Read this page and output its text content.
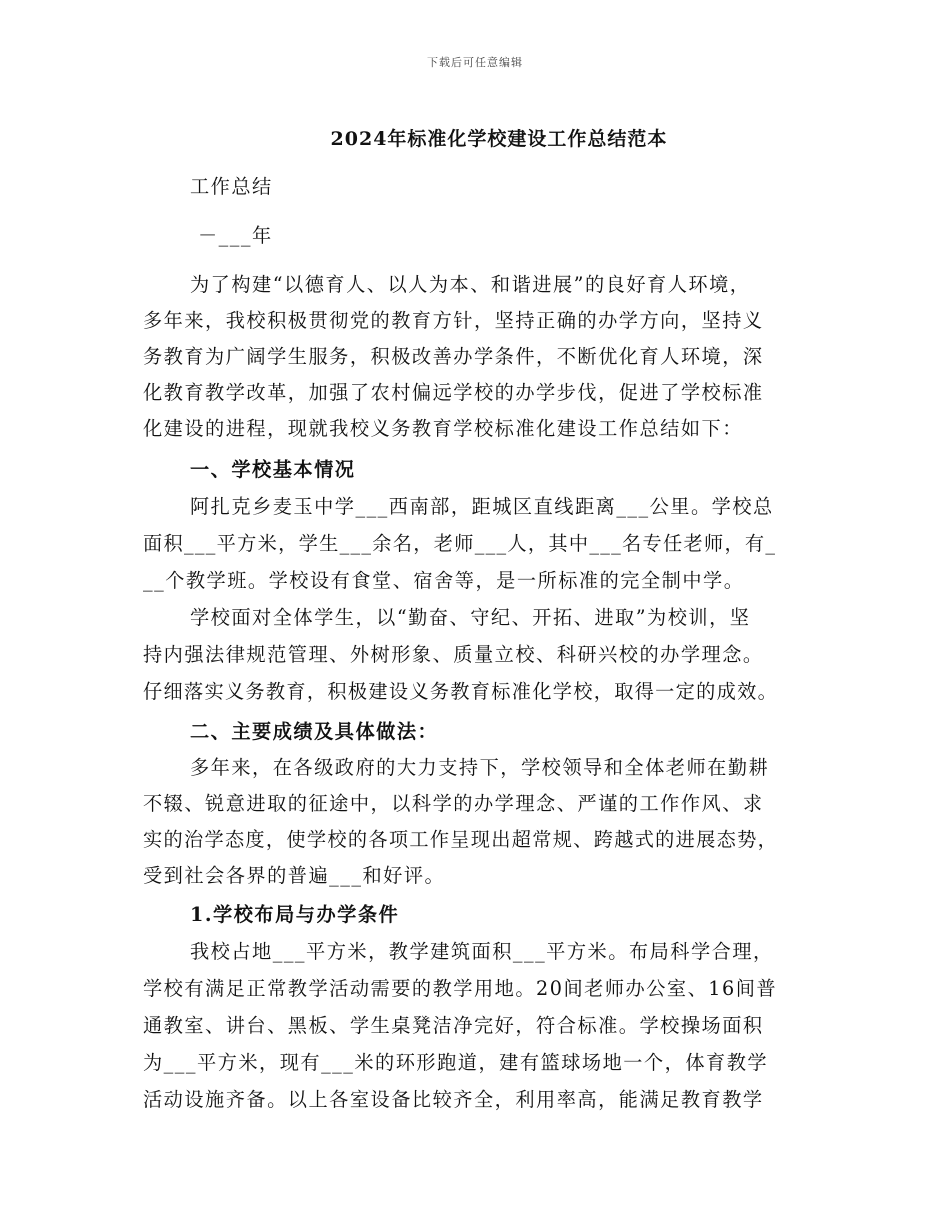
下载后可任意编辑
2024年标准化学校建设工作总结范本
工作总结
－___年
为了构建“以德育人、以人为本、和谐进展”的良好育人环境，
多年来，我校积极贯彻党的教育方针，坚持正确的办学方向，坚持义
务教育为广阔学生服务，积极改善办学条件，不断优化育人环境，深
化教育教学改革，加强了农村偏远学校的办学步伐，促进了学校标准
化建设的进程，现就我校义务教育学校标准化建设工作总结如下：
一、学校基本情况
阿扎克乡麦玉中学___西南部，距城区直线距离___公里。学校总
面积___平方米，学生___余名，老师___人，其中___名专任老师，有_
__个教学班。学校设有食堂、宿舍等，是一所标准的完全制中学。
学校面对全体学生，以“勤奋、守纪、开拓、进取”为校训，坚
持内强法律规范管理、外树形象、质量立校、科研兴校的办学理念。
仔细落实义务教育，积极建设义务教育标准化学校，取得一定的成效。
二、主要成绩及具体做法：
多年来，在各级政府的大力支持下，学校领导和全体老师在勤耕
不辍、锐意进取的征途中，以科学的办学理念、严谨的工作作风、求
实的治学态度，使学校的各项工作呈现出超常规、跨越式的进展态势，
受到社会各界的普遍___和好评。
1.学校布局与办学条件
我校占地___平方米，教学建筑面积___平方米。布局科学合理，
学校有满足正常教学活动需要的教学用地。20间老师办公室、16间普
通教室、讲台、黑板、学生桌凳洁净完好，符合标准。学校操场面积
为___平方米，现有___米的环形跑道，建有篮球场地一个，体育教学
活动设施齐备。以上各室设备比较齐全，利用率高，能满足教育教学
